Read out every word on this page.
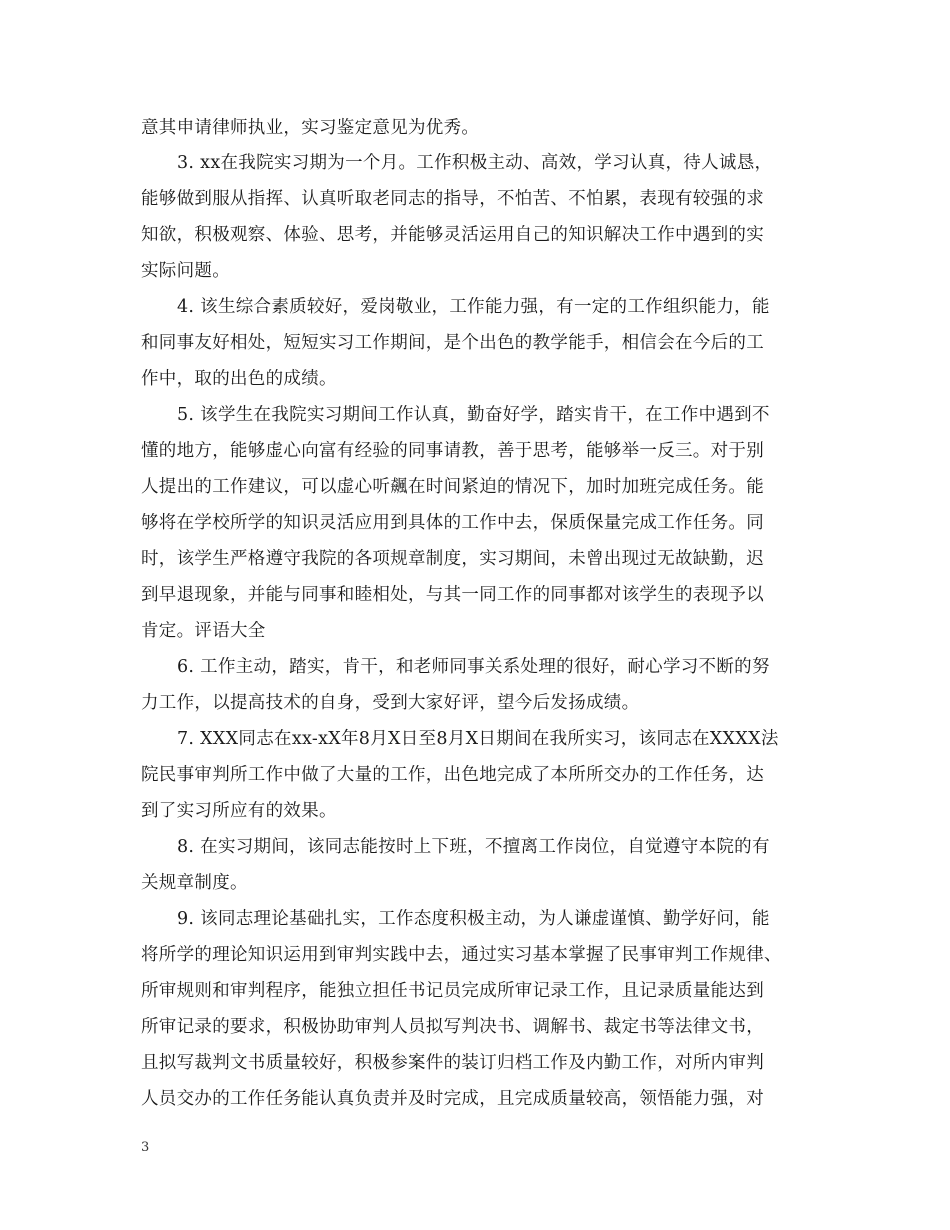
意其申请律师执业，实习鉴定意见为优秀。
3. xx在我院实习期为一个月。工作积极主动、高效，学习认真，待人诚恳，
能够做到服从指挥、认真听取老同志的指导，不怕苦、不怕累，表现有较强的求
知欲，积极观察、体验、思考，并能够灵活运用自己的知识解决工作中遇到的实
实际问题。
4. 该生综合素质较好，爱岗敬业，工作能力强，有一定的工作组织能力，能
和同事友好相处，短短实习工作期间，是个出色的教学能手，相信会在今后的工
作中，取的出色的成绩。
5. 该学生在我院实习期间工作认真，勤奋好学，踏实肯干，在工作中遇到不
懂的地方，能够虚心向富有经验的同事请教，善于思考，能够举一反三。对于别
人提出的工作建议，可以虚心听飆在时间紧迫的情况下，加时加班完成任务。能
够将在学校所学的知识灵活应用到具体的工作中去，保质保量完成工作任务。同
时，该学生严格遵守我院的各项规章制度，实习期间，未曾出现过无故缺勤，迟
到早退现象，并能与同事和睦相处，与其一同工作的同事都对该学生的表现予以
肯定。评语大全
6. 工作主动，踏实，肯干，和老师同事关系处理的很好，耐心学习不断的努
力工作，以提高技术的自身，受到大家好评，望今后发扬成绩。
7. XXX同志在xx-xX年8月X日至8月X日期间在我所实习，该同志在XXXX法
院民事审判所工作中做了大量的工作，出色地完成了本所所交办的工作任务，达
到了实习所应有的效果。
8. 在实习期间，该同志能按时上下班，不擅离工作岗位，自觉遵守本院的有
关规章制度。
9. 该同志理论基础扎实，工作态度积极主动，为人谦虚谨慎、勤学好问，能
将所学的理论知识运用到审判实践中去，通过实习基本掌握了民事审判工作规律、
所审规则和审判程序，能独立担任书记员完成所审记录工作，且记录质量能达到
所审记录的要求，积极协助审判人员拟写判决书、调解书、裁定书等法律文书，
且拟写裁判文书质量较好，积极参案件的装订归档工作及内勤工作，对所内审判
人员交办的工作任务能认真负责并及时完成，且完成质量较高，领悟能力强，对
3
